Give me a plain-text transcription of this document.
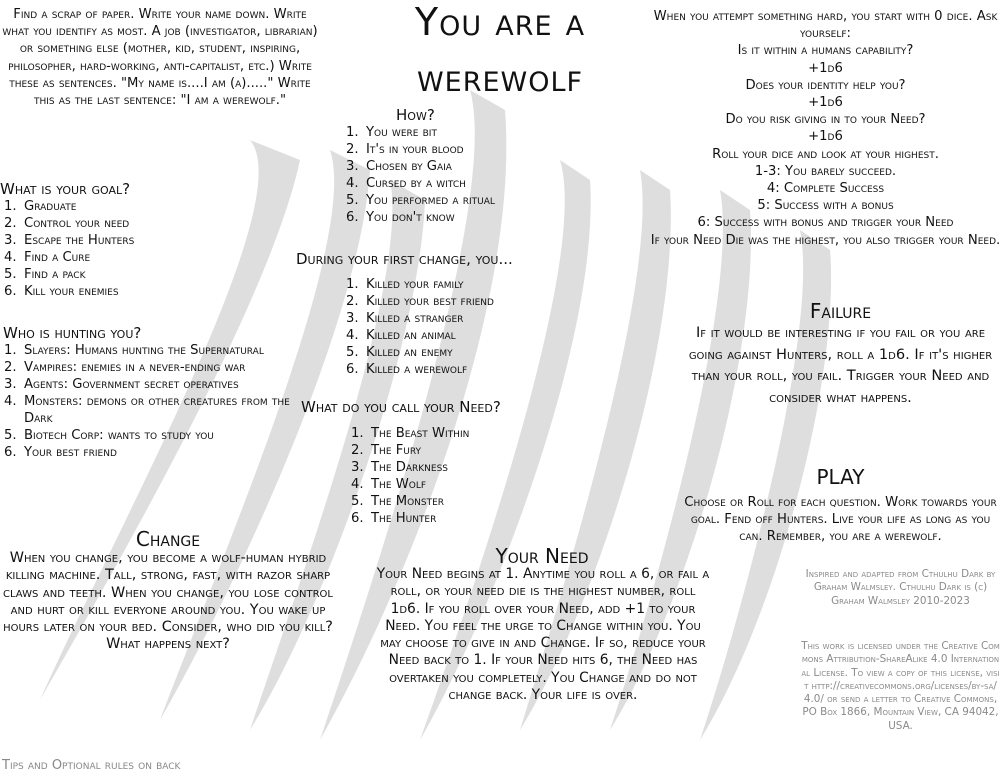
Find a scrap of paper. Write your name down. Write what you identify as most. A job (investigator, librarian) or something else (mother, kid, student, inspiring, philosopher, hard-working, anti-capitalist, etc.) Write these as sentences. "My name is....I am (a)....." Write this as the last sentence: "I am a werewolf."

What is your goal?
1. Graduate
2. Control your need
3. Escape the Hunters
4. Find a Cure
5. Find a pack
6. Kill your enemies
Who is hunting you?
1. Slayers: Humans hunting the Supernatural
2. Vampires: enemies in a never-ending war
3. Agents: Government secret operatives
4. Monsters: demons or other creatures from the Dark
5. Biotech Corp: wants to study you
6. Your best friend
Change

When you change, you become a wolf-human hybrid killing machine. Tall, strong, fast, with razor sharp claws and teeth. When you change, you lose control and hurt or kill everyone around you. You wake up hours later on your bed. Consider, who did you kill? What happens next?

Tips and Optional rules on back
You are a
werewolf
How?
1. You were bit
2. It's in your blood
3. Chosen by Gaia
4. Cursed by a witch
5. You performed a ritual
6. You don't know
During your first change, you...
1. Killed your family
2. Killed your best friend
3. Killed a stranger
4. Killed an animal
5. Killed an enemy
6. Killed a werewolf
What do you call your Need?
1. The Beast Within
2. The Fury
3. The Darkness
4. The Wolf
5. The Monster
6. The Hunter
Your Need

Your Need begins at 1. Anytime you roll a 6, or fail a roll, or your need die is the highest number, roll 1d6. If you roll over your Need, add +1 to your Need. You feel the urge to Change within you. You may choose to give in and Change. If so, reduce your Need back to 1. If your Need hits 6, the Need has overtaken you completely. You Change and do not change back. Your life is over.

When you attempt something hard, you start with 0 dice. Ask yourself:

Is it within a humans capability?

+1d6

Does your identity help you?

+1d6

Do you risk giving in to your Need?

+1d6

Roll your dice and look at your highest.

1-3: You barely succeed.

4: Complete Success

5: Success with a bonus

6: Success with bonus and trigger your Need

If your Need Die was the highest, you also trigger your Need.

Failure

If it would be interesting if you fail or you are going against Hunters, roll a 1d6. If it's higher than your roll, you fail. Trigger your Need and consider what happens.

PLAY

Choose or Roll for each question. Work towards your goal. Fend off Hunters. Live your life as long as you can. Remember, you are a werewolf.

Inspired and adapted from Cthulhu Dark by Graham Walmsley. Cthulhu Dark is (c) Graham Walmsley 2010-2023
This work is licensed under the Creative Commons Attribution-ShareAlike 4.0 International License. To view a copy of this license, visit http://creativecommons.org/licenses/by-sa/4.0/ or send a letter to Creative Commons, PO Box 1866, Mountain View, CA 94042, USA.
